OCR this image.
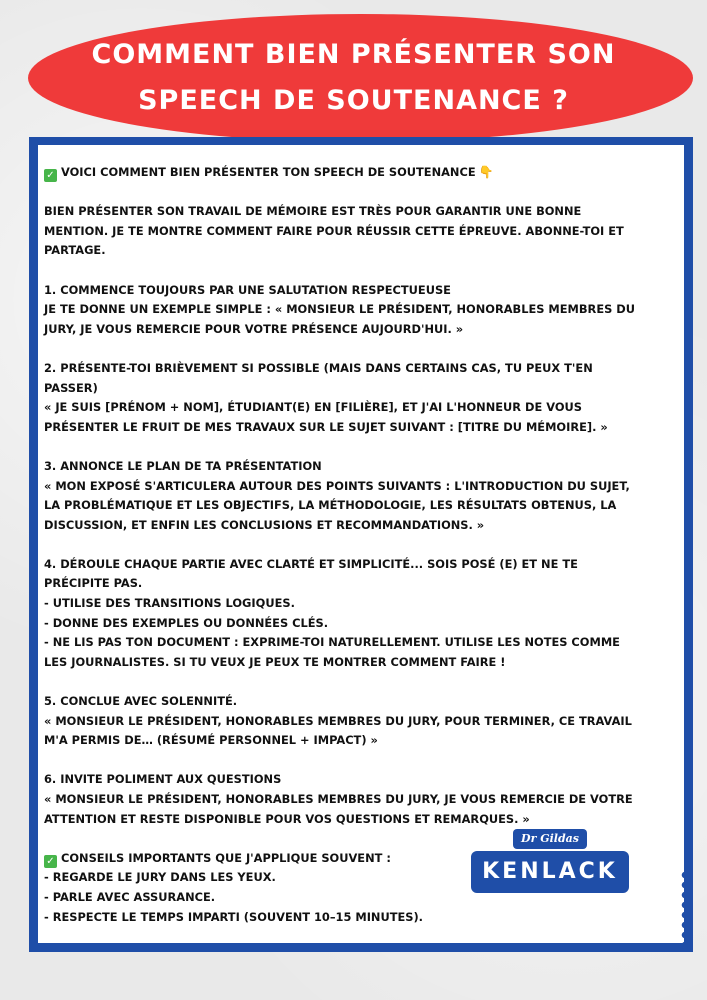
COMMENT BIEN PRÉSENTER SON
SPEECH DE SOUTENANCE ?

✓ VOICI COMMENT BIEN PRÉSENTER TON SPEECH DE SOUTENANCE 👇

BIEN PRÉSENTER SON TRAVAIL DE MÉMOIRE EST TRÈS POUR GARANTIR UNE BONNE
MENTION. JE TE MONTRE COMMENT FAIRE POUR RÉUSSIR CETTE ÉPREUVE. ABONNE-TOI ET
PARTAGE.

1. COMMENCE TOUJOURS PAR UNE SALUTATION RESPECTUEUSE
JE TE DONNE UN EXEMPLE SIMPLE : « MONSIEUR LE PRÉSIDENT, HONORABLES MEMBRES DU
JURY, JE VOUS REMERCIE POUR VOTRE PRÉSENCE AUJOURD'HUI. »

2. PRÉSENTE-TOI BRIÈVEMENT SI POSSIBLE (MAIS DANS CERTAINS CAS, TU PEUX T'EN
PASSER)
« JE SUIS [PRÉNOM + NOM], ÉTUDIANT(E) EN [FILIÈRE], ET J'AI L'HONNEUR DE VOUS
PRÉSENTER LE FRUIT DE MES TRAVAUX SUR LE SUJET SUIVANT : [TITRE DU MÉMOIRE]. »

3. ANNONCE LE PLAN DE TA PRÉSENTATION
« MON EXPOSÉ S'ARTICULERA AUTOUR DES POINTS SUIVANTS : L'INTRODUCTION DU SUJET,
LA PROBLÉMATIQUE ET LES OBJECTIFS, LA MÉTHODOLOGIE, LES RÉSULTATS OBTENUS, LA
DISCUSSION, ET ENFIN LES CONCLUSIONS ET RECOMMANDATIONS. »

4. DÉROULE CHAQUE PARTIE AVEC CLARTÉ ET SIMPLICITÉ... SOIS POSÉ (E) ET NE TE
PRÉCIPITE PAS.
- UTILISE DES TRANSITIONS LOGIQUES.
- DONNE DES EXEMPLES OU DONNÉES CLÉS.
- NE LIS PAS TON DOCUMENT : EXPRIME-TOI NATURELLEMENT. UTILISE LES NOTES COMME
LES JOURNALISTES. SI TU VEUX JE PEUX TE MONTRER COMMENT FAIRE !

5. CONCLUE AVEC SOLENNITÉ.
« MONSIEUR LE PRÉSIDENT, HONORABLES MEMBRES DU JURY, POUR TERMINER, CE TRAVAIL
M'A PERMIS DE… (RÉSUMÉ PERSONNEL + IMPACT) »

6. INVITE POLIMENT AUX QUESTIONS
« MONSIEUR LE PRÉSIDENT, HONORABLES MEMBRES DU JURY, JE VOUS REMERCIE DE VOTRE
ATTENTION ET RESTE DISPONIBLE POUR VOS QUESTIONS ET REMARQUES. »

✓ CONSEILS IMPORTANTS QUE J'APPLIQUE SOUVENT :
- REGARDE LE JURY DANS LES YEUX.
- PARLE AVEC ASSURANCE.
- RESPECTE LE TEMPS IMPARTI (SOUVENT 10–15 MINUTES).

Dr Gildas
KENLACK
